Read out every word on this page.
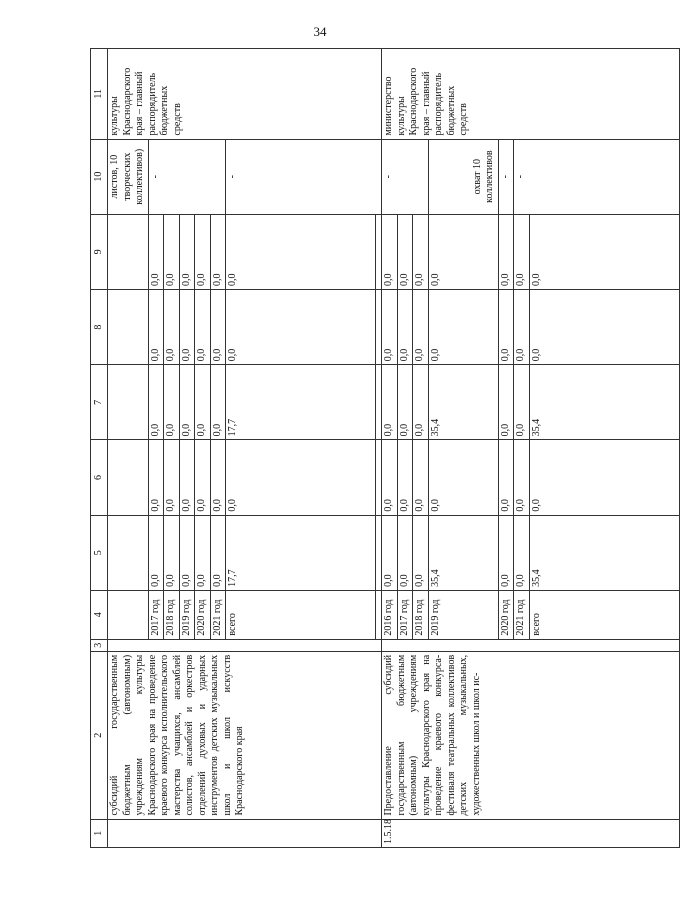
34
1	2	3	4	5	6	7	8	9	10	11
	субсидий государственным бюджетным (автономным) учреждениям культуры Краснодарского края на проведение краевого конкурса исполнительского мастерства учащихся, ансамблей солистов, ансамблей и оркестров отделений духовых и ударных инструментов детских музыкальных школ и школ искусств Краснодарского края								листов, 10 творческих коллективов)	культуры Краснодарского края – главный распорядитель бюджетных средств
			2017 год	0,0	0,0	0,0	0,0	0,0	-	
			2018 год	0,0	0,0	0,0	0,0	0,0		
			2019 год	0,0	0,0	0,0	0,0	0,0		
			2020 год	0,0	0,0	0,0	0,0	0,0		
			2021 год	0,0	0,0	0,0	0,0	0,0		
			всего	17,7	0,0	17,7	0,0	0,0	-	

1.5.18	Предоставление субсидий государственным бюджетным (автономным) учреждениям культуры Краснодарского края на проведение краевого конкурса-фестиваля театральных коллективов детских музыкальных, художественных школ и школ ис-		2016 год	0,0	0,0	0,0	0,0	0,0	-	министерство культуры Краснодарского края – главный распорядитель бюджетных средств
			2017 год	0,0	0,0	0,0	0,0	0,0		
			2018 год	0,0	0,0	0,0	0,0	0,0		
			2019 год	35,4	0,0	35,4	0,0	0,0	охват 10 коллективов	
			2020 год	0,0	0,0	0,0	0,0	0,0	-	
			2021 год	0,0	0,0	0,0	0,0	0,0	-	
			всего	35,4	0,0	35,4	0,0	0,0		
